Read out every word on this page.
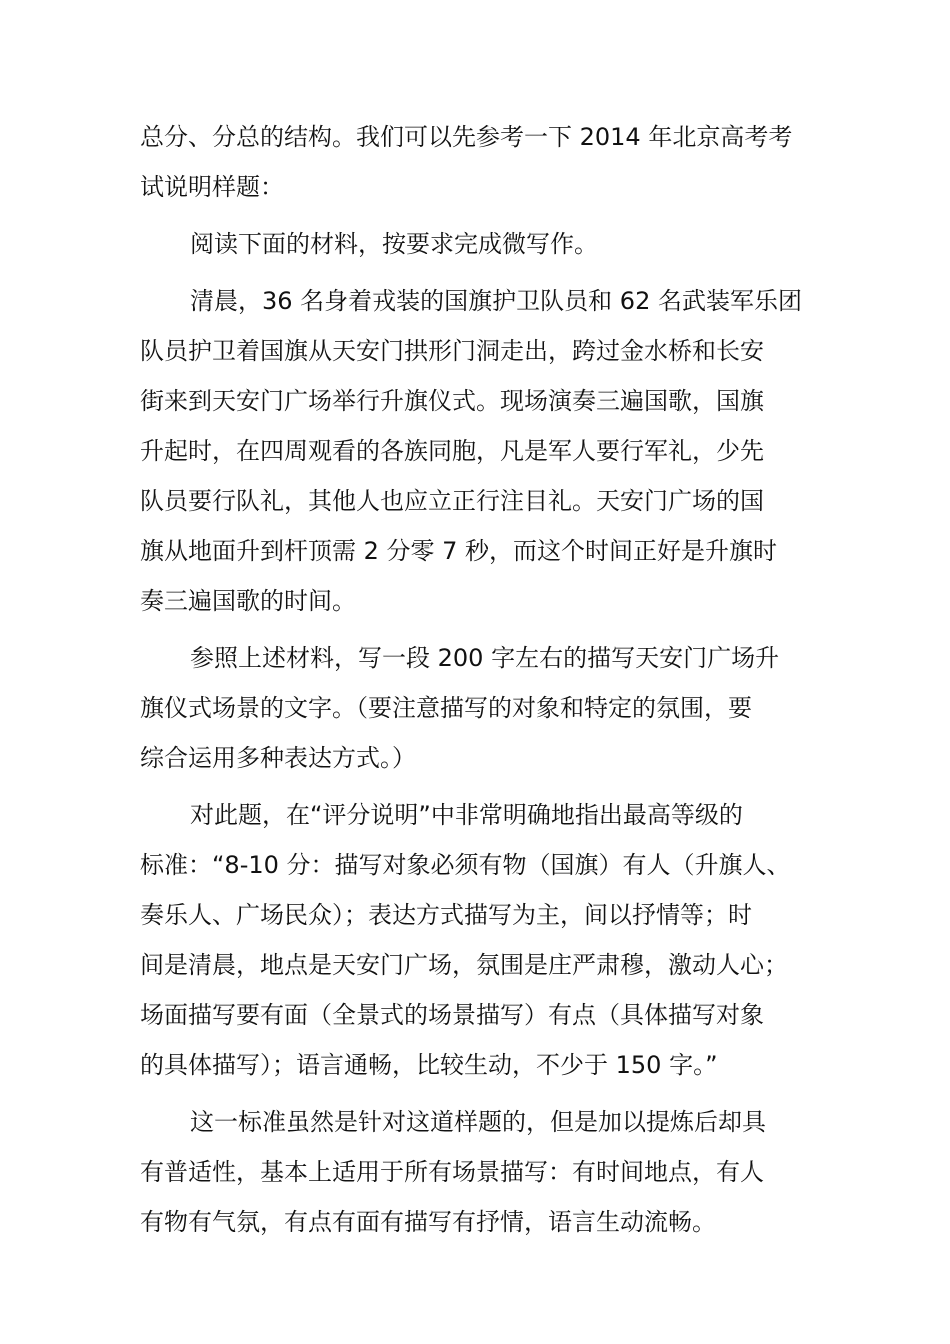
总分、分总的结构。我们可以先参考一下 2014 年北京高考考
试说明样题：

阅读下面的材料，按要求完成微写作。

清晨，36 名身着戎装的国旗护卫队员和 62 名武装军乐团
队员护卫着国旗从天安门拱形门洞走出，跨过金水桥和长安
街来到天安门广场举行升旗仪式。现场演奏三遍国歌，国旗
升起时，在四周观看的各族同胞，凡是军人要行军礼，少先
队员要行队礼，其他人也应立正行注目礼。天安门广场的国
旗从地面升到杆顶需 2 分零 7 秒，而这个时间正好是升旗时
奏三遍国歌的时间。

参照上述材料，写一段 200 字左右的描写天安门广场升
旗仪式场景的文字。（要注意描写的对象和特定的氛围，要
综合运用多种表达方式。）

对此题，在“评分说明”中非常明确地指出最高等级的
标准：“8-10 分：描写对象必须有物（国旗）有人（升旗人、
奏乐人、广场民众）；表达方式描写为主，间以抒情等；时
间是清晨，地点是天安门广场，氛围是庄严肃穆，激动人心；
场面描写要有面（全景式的场景描写）有点（具体描写对象
的具体描写）；语言通畅，比较生动，不少于 150 字。”

这一标准虽然是针对这道样题的，但是加以提炼后却具
有普适性，基本上适用于所有场景描写：有时间地点，有人
有物有气氛，有点有面有描写有抒情，语言生动流畅。
